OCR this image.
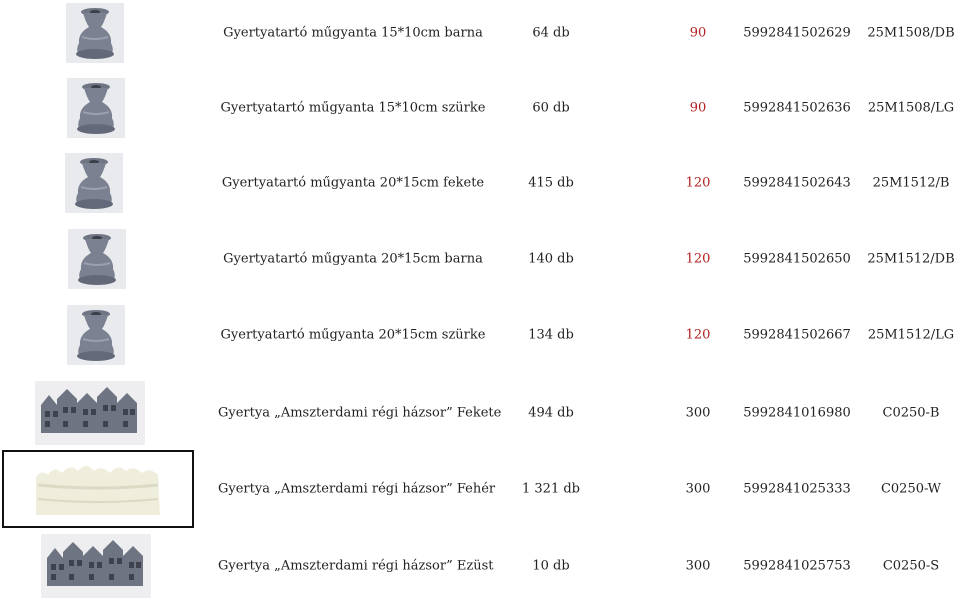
Gyertyatartó műgyanta 15*10cm barna	64 db	90	5992841502629	25M1508/DB
Gyertyatartó műgyanta 15*10cm szürke	60 db	90	5992841502636	25M1508/LG
Gyertyatartó műgyanta 20*15cm fekete	415 db	120	5992841502643	25M1512/B
Gyertyatartó műgyanta 20*15cm barna	140 db	120	5992841502650	25M1512/DB
Gyertyatartó műgyanta 20*15cm szürke	134 db	120	5992841502667	25M1512/LG
Gyertya „Amszterdami régi házsor” Fekete	494 db	300	5992841016980	C0250-B
Gyertya „Amszterdami régi házsor” Fehér	1 321 db	300	5992841025333	C0250-W
Gyertya „Amszterdami régi házsor” Ezüst	10 db	300	5992841025753	C0250-S
